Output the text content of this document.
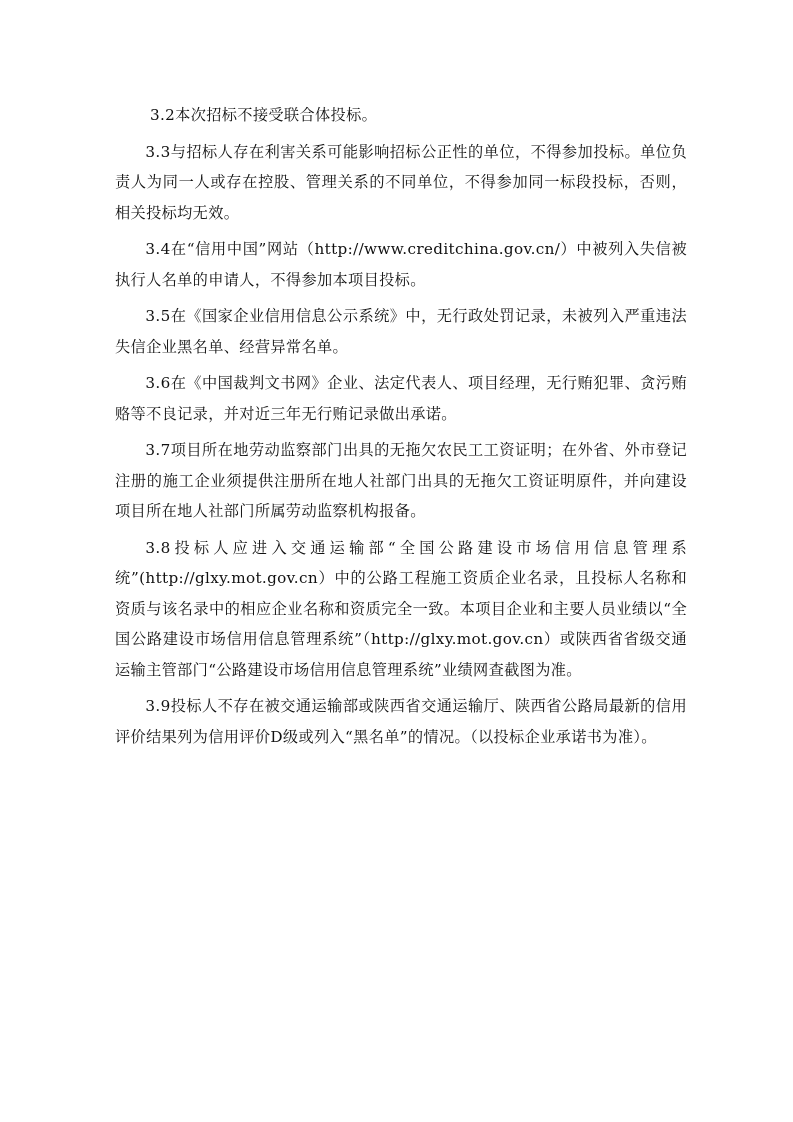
3.2本次招标不接受联合体投标。

3.3与招标人存在利害关系可能影响招标公正性的单位，不得参加投标。单位负责人为同一人或存在控股、管理关系的不同单位，不得参加同一标段投标，否则，相关投标均无效。

3.4在“信用中国”网站（http://www.creditchina.gov.cn/）中被列入失信被执行人名单的申请人，不得参加本项目投标。

3.5在《国家企业信用信息公示系统》中，无行政处罚记录，未被列入严重违法失信企业黑名单、经营异常名单。

3.6在《中国裁判文书网》企业、法定代表人、项目经理，无行贿犯罪、贪污贿赂等不良记录，并对近三年无行贿记录做出承诺。

3.7项目所在地劳动监察部门出具的无拖欠农民工工资证明；在外省、外市登记注册的施工企业须提供注册所在地人社部门出具的无拖欠工资证明原件，并向建设项目所在地人社部门所属劳动监察机构报备。

3.8投标人应进入交通运输部“全国公路建设市场信用信息管理系统”(http://glxy.mot.gov.cn）中的公路工程施工资质企业名录，且投标人名称和资质与该名录中的相应企业名称和资质完全一致。本项目企业和主要人员业绩以“全国公路建设市场信用信息管理系统”（http://glxy.mot.gov.cn）或陕西省省级交通运输主管部门“公路建设市场信用信息管理系统”业绩网查截图为准。

3.9投标人不存在被交通运输部或陕西省交通运输厅、陕西省公路局最新的信用评价结果列为信用评价D级或列入“黑名单”的情况。（以投标企业承诺书为准）。
